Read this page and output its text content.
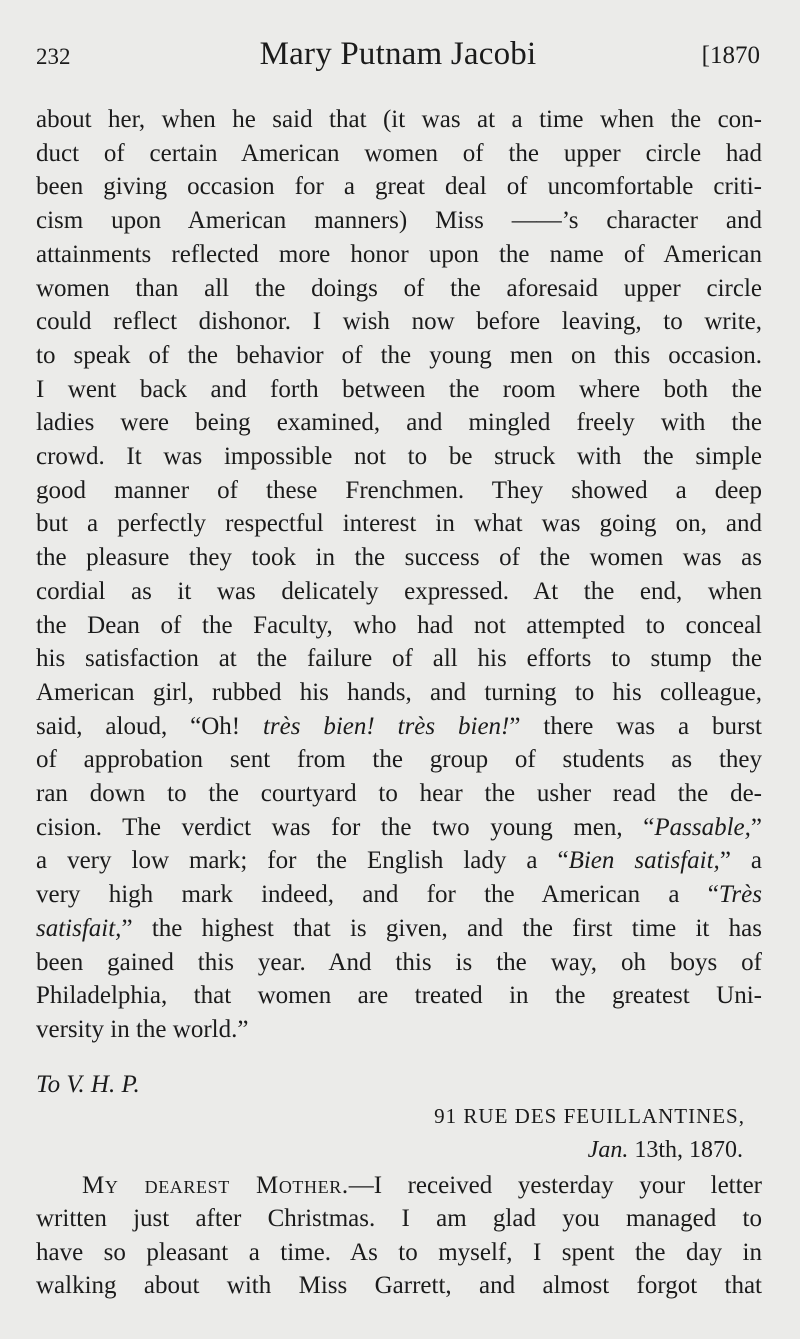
232	Mary Putnam Jacobi	[1870
about her, when he said that (it was at a time when the con-
duct of certain American women of the upper circle had
been giving occasion for a great deal of uncomfortable criti-
cism upon American manners) Miss ——’s character and
attainments reflected more honor upon the name of American
women than all the doings of the aforesaid upper circle
could reflect dishonor. I wish now before leaving, to write,
to speak of the behavior of the young men on this occasion.
I went back and forth between the room where both the
ladies were being examined, and mingled freely with the
crowd. It was impossible not to be struck with the simple
good manner of these Frenchmen. They showed a deep
but a perfectly respectful interest in what was going on, and
the pleasure they took in the success of the women was as
cordial as it was delicately expressed. At the end, when
the Dean of the Faculty, who had not attempted to conceal
his satisfaction at the failure of all his efforts to stump the
American girl, rubbed his hands, and turning to his colleague,
said, aloud, “Oh! très bien! très bien!” there was a burst
of approbation sent from the group of students as they
ran down to the courtyard to hear the usher read the de-
cision. The verdict was for the two young men, “Passable,”
a very low mark; for the English lady a “Bien satisfait,” a
very high mark indeed, and for the American a “Très
satisfait,” the highest that is given, and the first time it has
been gained this year. And this is the way, oh boys of
Philadelphia, that women are treated in the greatest Uni-
versity in the world.”
To V. H. P.
91 RUE DES FEUILLANTINES,
Jan. 13th, 1870.
My dearest Mother.—I received yesterday your letter
written just after Christmas. I am glad you managed to
have so pleasant a time. As to myself, I spent the day in
walking about with Miss Garrett, and almost forgot that
